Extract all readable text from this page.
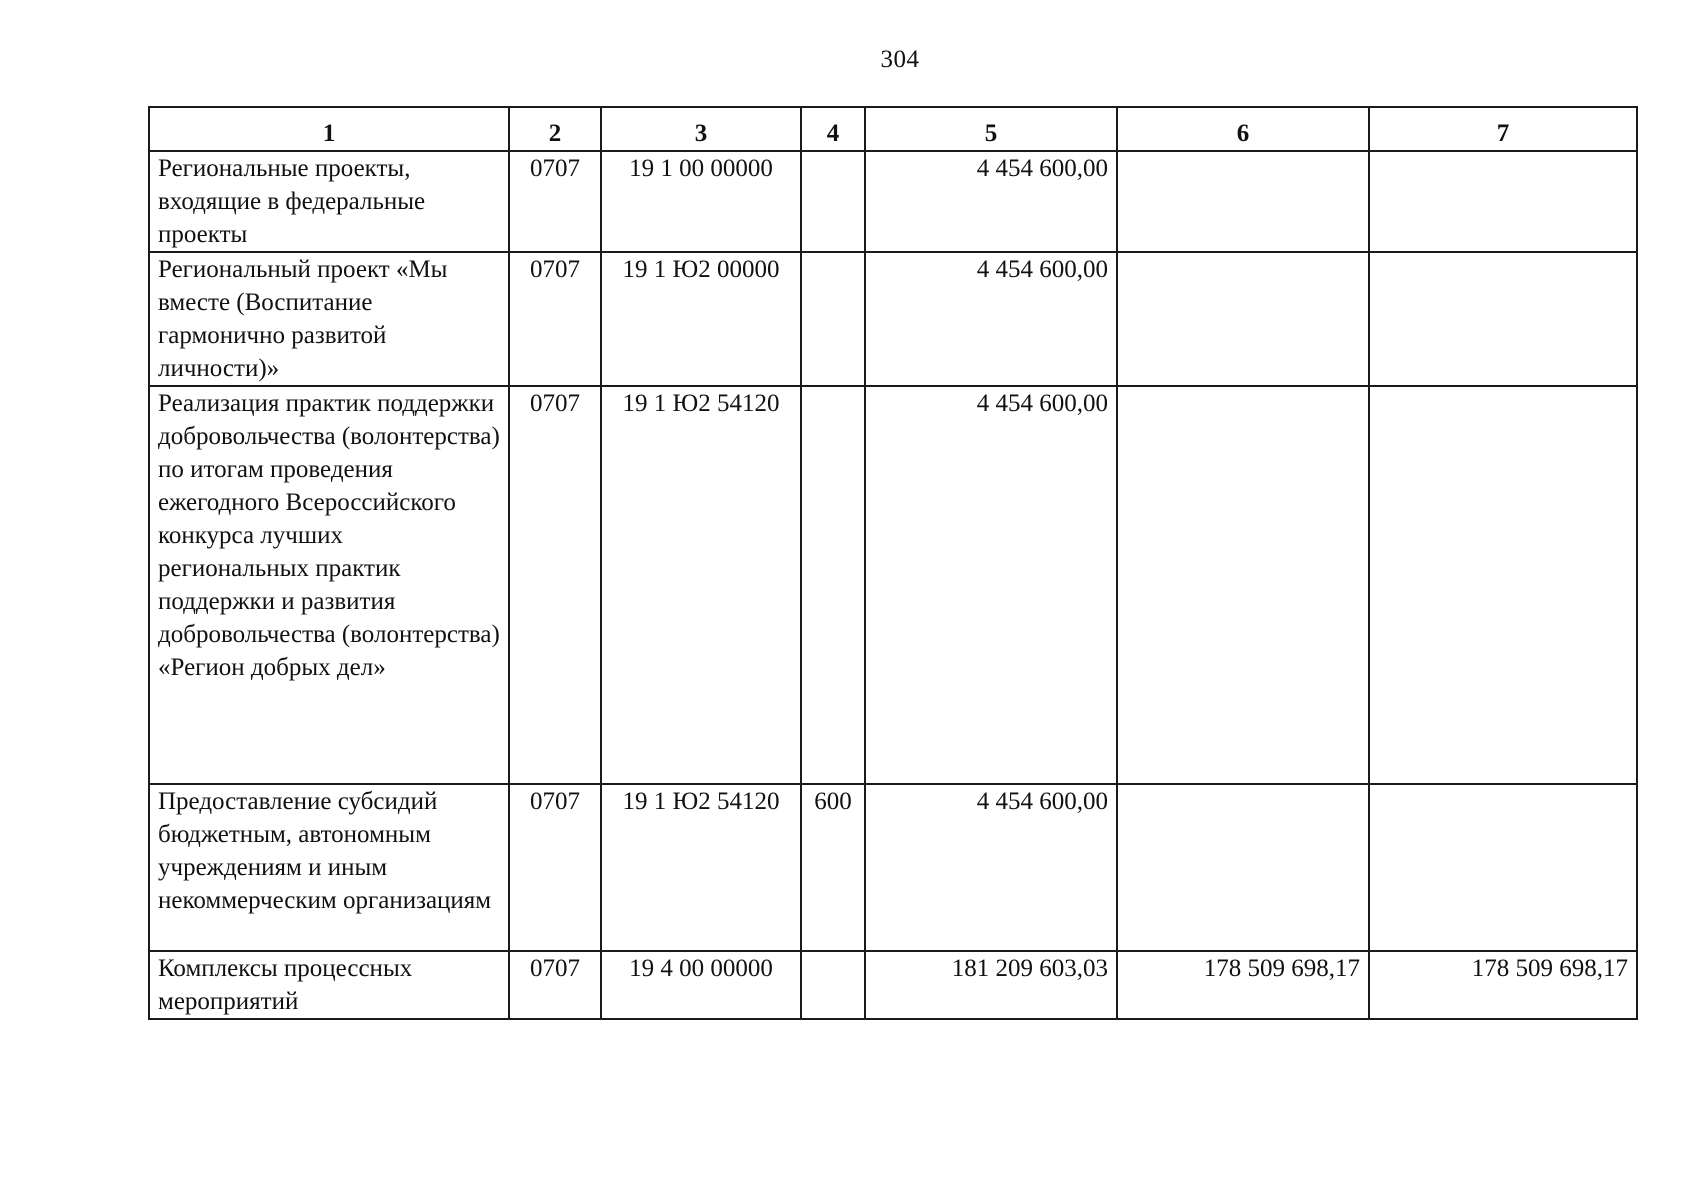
304
1	2	3	4	5	6	7
Региональные проекты, входящие в федеральные проекты	0707	19 1 00 00000		4 454 600,00		
Региональный проект «Мы вместе (Воспитание гармонично развитой личности)»	0707	19 1 Ю2 00000		4 454 600,00		
Реализация практик поддержки добровольчества (волонтерства) по итогам проведения ежегодного Всероссийского конкурса лучших региональных практик поддержки и развития добровольчества (волонтерства) «Регион добрых дел»	0707	19 1 Ю2 54120		4 454 600,00		
Предоставление субсидий бюджетным, автономным учреждениям и иным некоммерческим организациям	0707	19 1 Ю2 54120	600	4 454 600,00		
Комплексы процессных мероприятий	0707	19 4 00 00000		181 209 603,03	178 509 698,17	178 509 698,17
